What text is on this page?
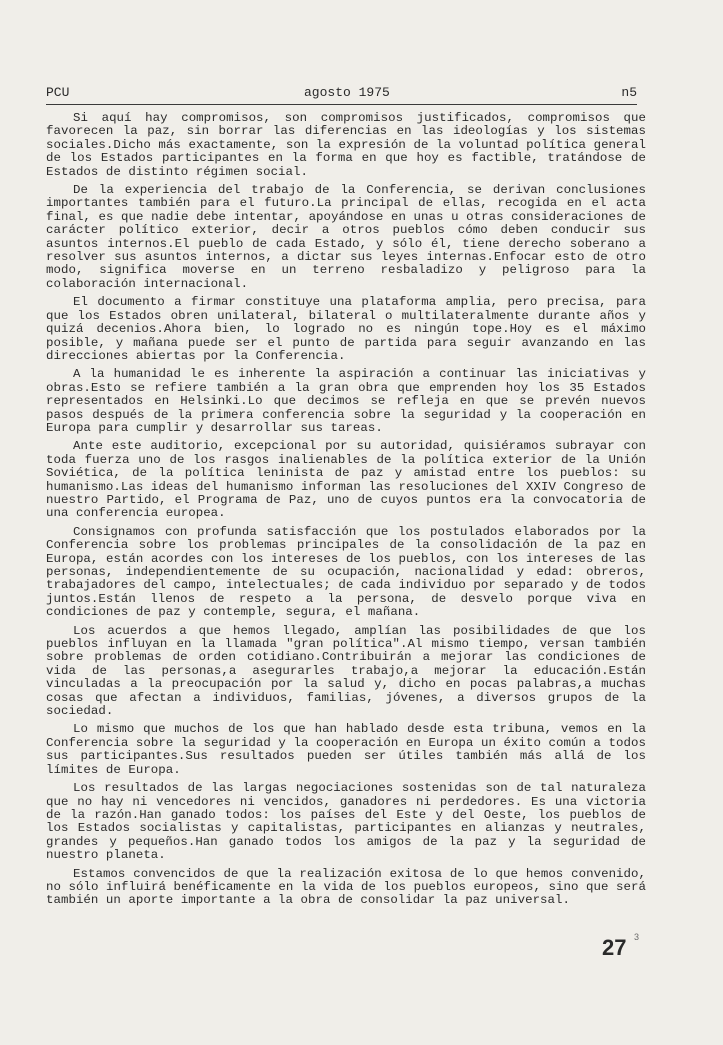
PCU	agosto 1975	n5

Si aquí hay compromisos, son compromisos justificados, compromisos que favorecen la paz, sin borrar las diferencias en las ideologías y los sistemas sociales.Dicho más exactamente, son la expresión de la voluntad política general de los Estados participantes en la forma en que hoy es factible, tratándose de Estados de distinto régimen social.

De la experiencia del trabajo de la Conferencia, se derivan conclusiones importantes también para el futuro.La principal de ellas, recogida en el acta final, es que nadie debe intentar, apoyándose en unas u otras consideraciones de carácter político exterior, decir a otros pueblos cómo deben conducir sus asuntos internos.El pueblo de cada Estado, y sólo él, tiene derecho soberano a resolver sus asuntos internos, a dictar sus leyes internas.Enfocar esto de otro modo, significa moverse en un terreno resbaladizo y peligroso para la colaboración internacional.

El documento a firmar constituye una plataforma amplia, pero precisa, para que los Estados obren unilateral, bilateral o multilateralmente durante años y quizá decenios.Ahora bien, lo logrado no es ningún tope.Hoy es el máximo posible, y mañana puede ser el punto de partida para seguir avanzando en las direcciones abiertas por la Conferencia.

A la humanidad le es inherente la aspiración a continuar las iniciativas y obras.Esto se refiere también a la gran obra que emprenden hoy los 35 Estados representados en Helsinki.Lo que decimos se refleja en que se prevén nuevos pasos después de la primera conferencia sobre la seguridad y la cooperación en Europa para cumplir y desarrollar sus tareas.

Ante este auditorio, excepcional por su autoridad, quisiéramos subrayar con toda fuerza uno de los rasgos inalienables de la política exterior de la Unión Soviética, de la política leninista de paz y amistad entre los pueblos: su humanismo.Las ideas del humanismo informan las resoluciones del XXIV Congreso de nuestro Partido, el Programa de Paz, uno de cuyos puntos era la convocatoria de una conferencia europea.

Consignamos con profunda satisfacción que los postulados elaborados por la Conferencia sobre los problemas principales de la consolidación de la paz en Europa, están acordes con los intereses de los pueblos, con los intereses de las personas, independientemente de su ocupación, nacionalidad y edad: obreros, trabajadores del campo, intelectuales; de cada individuo por separado y de todos juntos.Están llenos de respeto a la persona, de desvelo porque viva en condiciones de paz y contemple, segura, el mañana.

Los acuerdos a que hemos llegado, amplían las posibilidades de que los pueblos influyan en la llamada "gran política".Al mismo tiempo, versan también sobre problemas de orden cotidiano.Contribuirán a mejorar las condiciones de vida de las personas,a asegurarles trabajo,a mejorar la educación.Están vinculadas a la preocupación por la salud y, dicho en pocas palabras,a muchas cosas que afectan a individuos, familias, jóvenes, a diversos grupos de la sociedad.

Lo mismo que muchos de los que han hablado desde esta tribuna, vemos en la Conferencia sobre la seguridad y la cooperación en Europa un éxito común a todos sus participantes.Sus resultados pueden ser útiles también más allá de los límites de Europa.

Los resultados de las largas negociaciones sostenidas son de tal naturaleza que no hay ni vencedores ni vencidos, ganadores ni perdedores. Es una victoria de la razón.Han ganado todos: los países del Este y del Oeste, los pueblos de los Estados socialistas y capitalistas, participantes en alianzas y neutrales, grandes y pequeños.Han ganado todos los amigos de la paz y la seguridad de nuestro planeta.

Estamos convencidos de que la realización exitosa de lo que hemos convenido, no sólo influirá benéficamente en la vida de los pueblos europeos, sino que será también un aporte importante a la obra de consolidar la paz universal.

27 3
